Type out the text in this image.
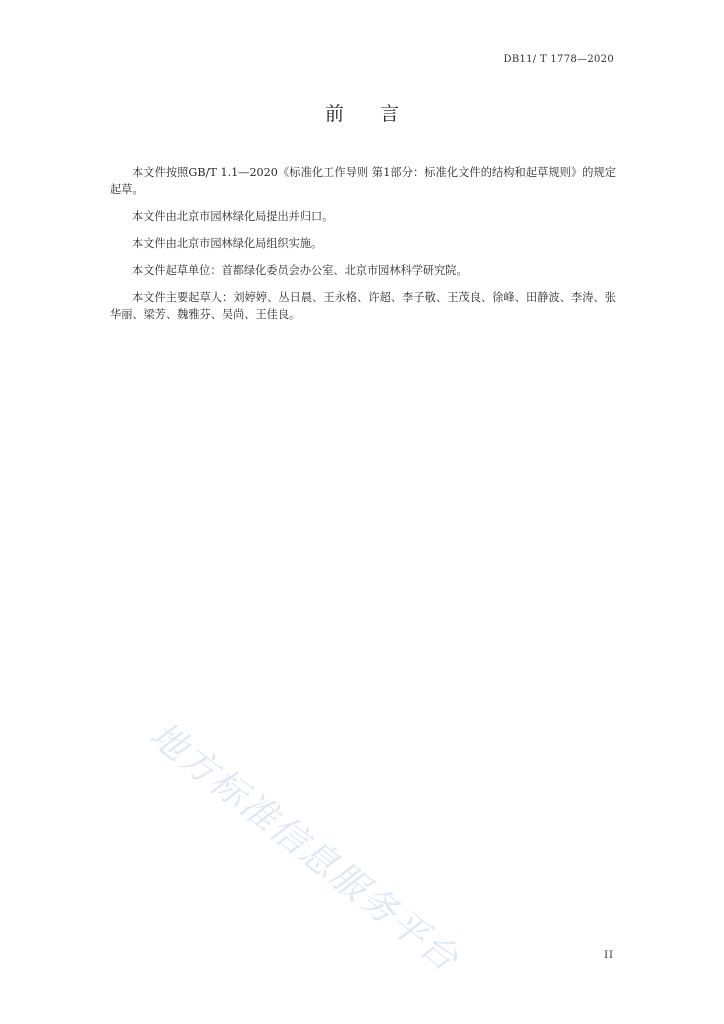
DB11/ T 1778—2020
前言

本文件按照GB/T 1.1—2020《标准化工作导则 第1部分：标准化文件的结构和起草规则》的规定起草。

本文件由北京市园林绿化局提出并归口。

本文件由北京市园林绿化局组织实施。

本文件起草单位：首都绿化委员会办公室、北京市园林科学研究院。

本文件主要起草人：刘婷婷、丛日晨、王永格、许超、李子敬、王茂良、徐峰、田静波、李涛、张华丽、梁芳、魏雅芬、吴尚、王佳良。

地方标准信息服务平台	II
